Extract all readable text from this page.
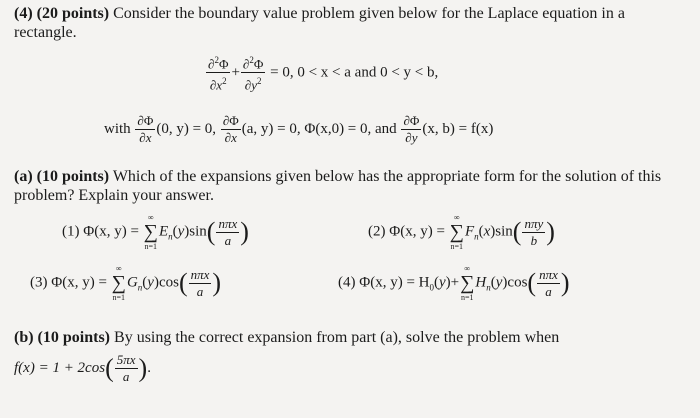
(4) (20 points) Consider the boundary value problem given below for the Laplace equation in a rectangle.

$\frac{\partial^2\Phi}{\partial x^2} + \frac{\partial^2\Phi}{\partial y^2} = 0$, 0 < x < a and 0 < y < b,
with $\frac{\partial\Phi}{\partial x} (0$, y) = 0, $\frac{\partial\Phi}{\partial x} (a$, y) = 0, Φ(x,0) = 0, and $\frac{\partial\Phi}{\partial y} (x$, b) = f(x)

(a) (10 points) Which of the expansions given below has the appropriate form for the solution of this problem? Explain your answer.

(1) Φ(x, y) =
∞
∑
n=1
$E_n(y)\sin( \frac{\text{nπx}}{a}$ )	(2) Φ(x, y) =
∞
∑
n=1
$F_n(x)\sin( \frac{\text{nπy}}{b}$ )
(3) Φ(x, y) =
∞
∑
n=1
$G_n(y)\cos( \frac{\text{nπx}}{a}$ )	(4) Φ(x, $y) = H_0(y)+$
∞
∑
n=1
$H_n(y)\cos( \frac{\text{nπx}}{a}$ )

(b) (10 points) By using the correct expansion from part (a), solve the problem when

$f(x) = 1 + 2\cos( \frac{5\pi x}{a}$ ).
